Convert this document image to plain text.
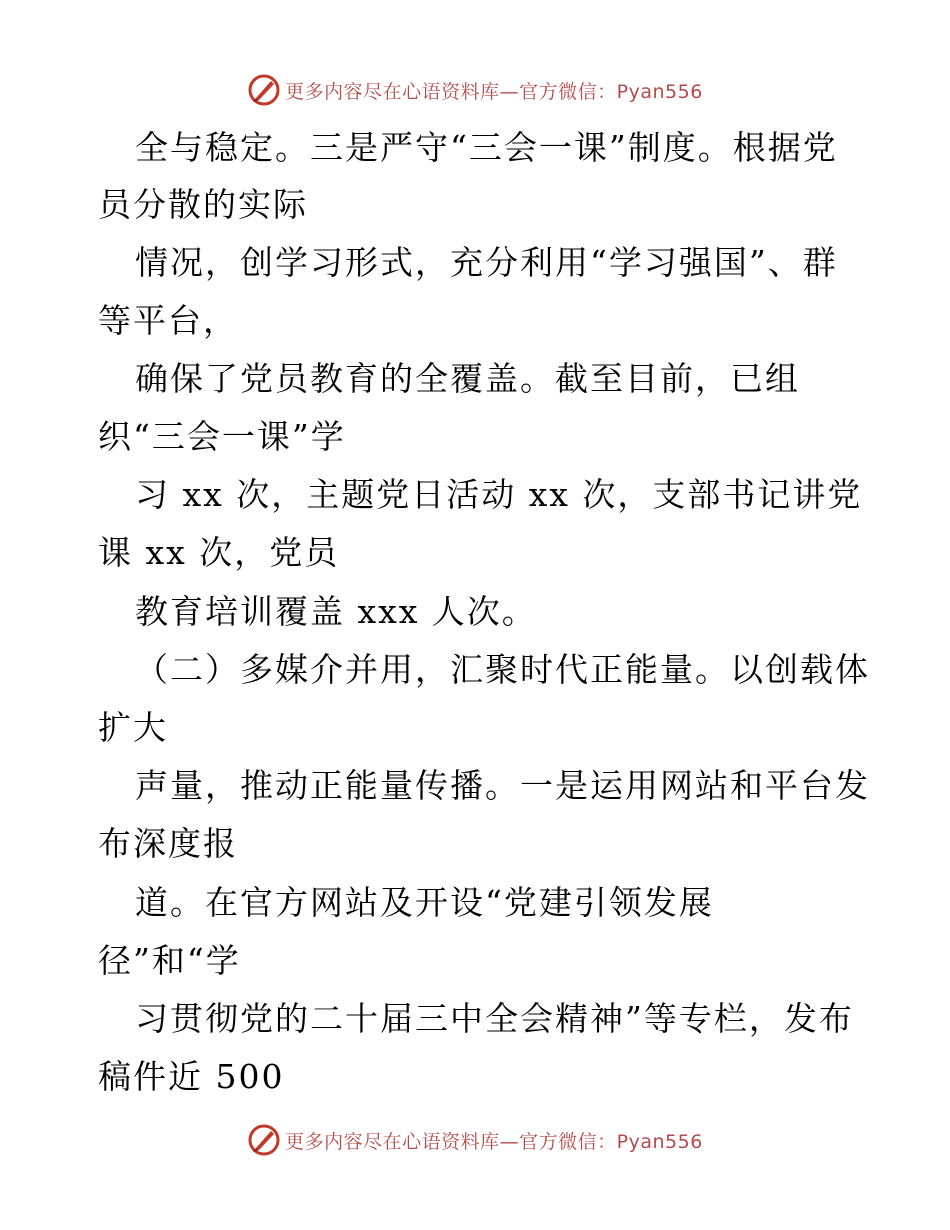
更多内容尽在心语资料库—官方微信：Pyan556
全与稳定。三是严守“三会一课”制度。根据党
员分散的实际
情况，创学习形式，充分利用“学习强国”、群
等平台，
确保了党员教育的全覆盖。截至目前，已组
织“三会一课”学
习 xx 次，主题党日活动 xx 次，支部书记讲党
课 xx 次，党员
教育培训覆盖 xxx 人次。
（二）多媒介并用，汇聚时代正能量。以创载体
扩大
声量，推动正能量传播。一是运用网站和平台发
布深度报
道。在官方网站及开设“党建引领发展
径”和“学
习贯彻党的二十届三中全会精神”等专栏，发布
稿件近 500
更多内容尽在心语资料库—官方微信：Pyan556
